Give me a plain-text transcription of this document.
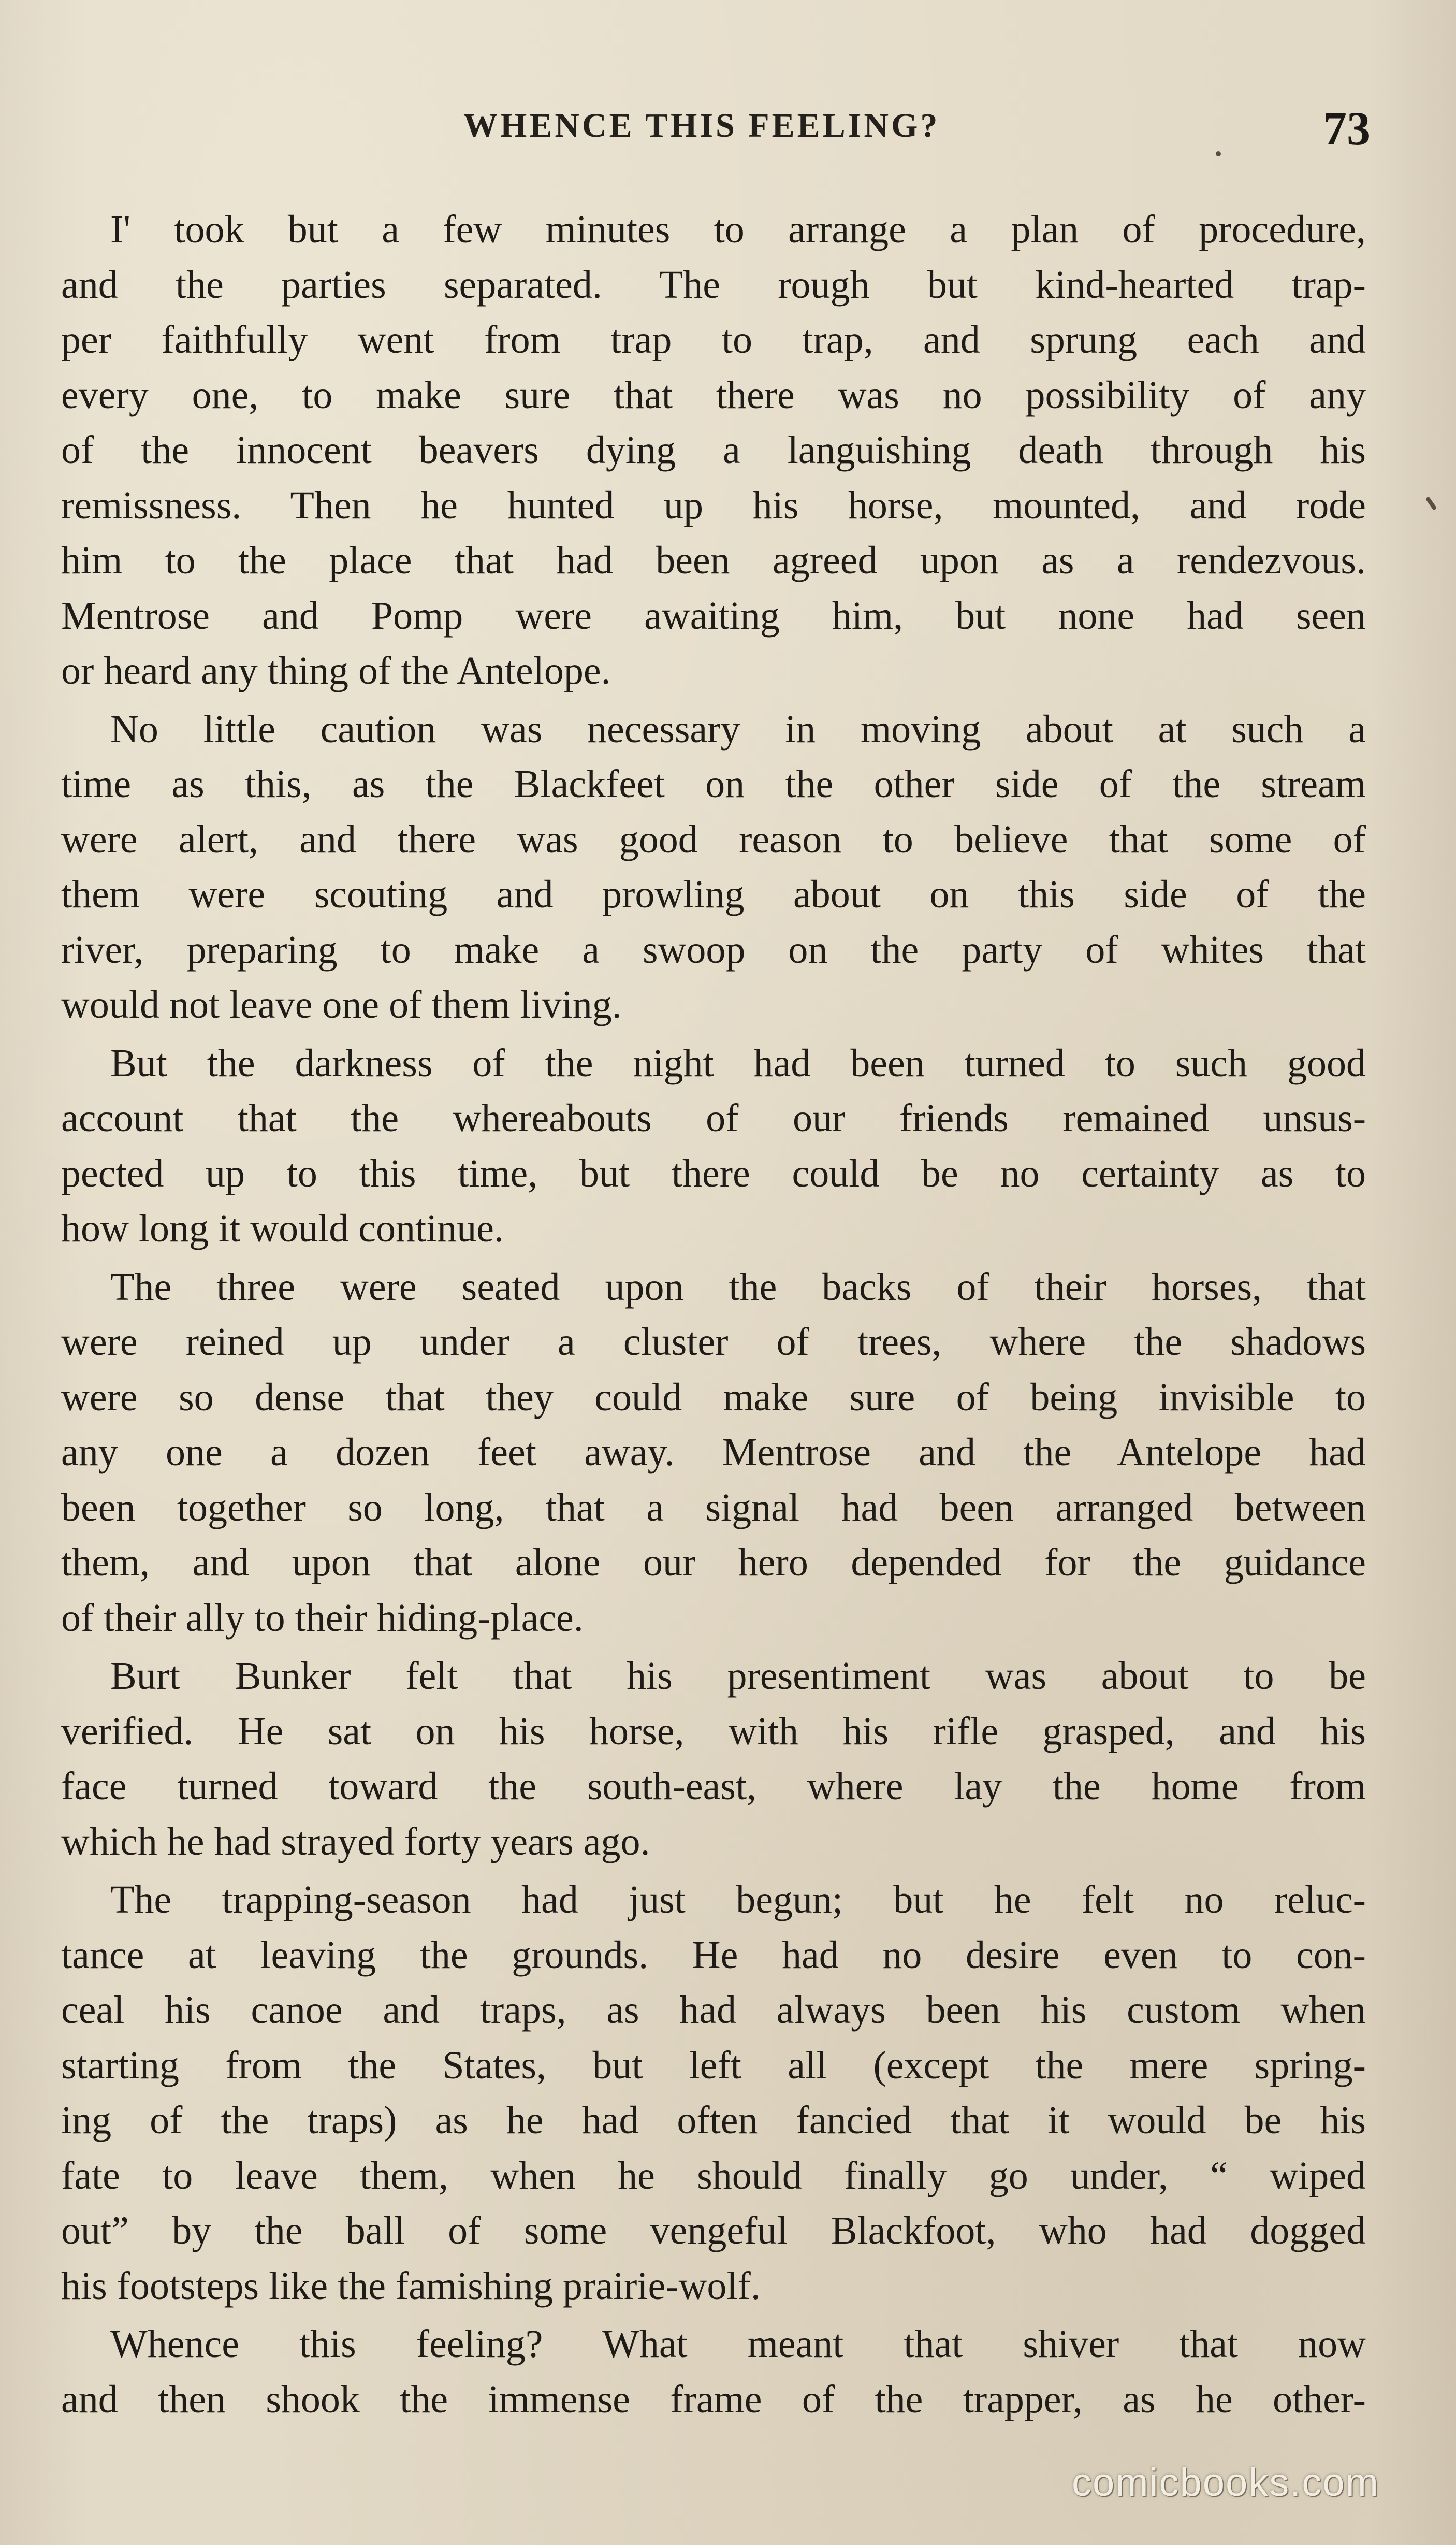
WHENCE THIS FEELING?	73
I' took but a few minutes to arrange a plan of procedure,
and the parties separated. The rough but kind-hearted trap-
per faithfully went from trap to trap, and sprung each and
every one, to make sure that there was no possibility of any
of the innocent beavers dying a languishing death through his
remissness. Then he hunted up his horse, mounted, and rode
him to the place that had been agreed upon as a rendezvous.
Mentrose and Pomp were awaiting him, but none had seen
or heard any thing of the Antelope.
No little caution was necessary in moving about at such a
time as this, as the Blackfeet on the other side of the stream
were alert, and there was good reason to believe that some of
them were scouting and prowling about on this side of the
river, preparing to make a swoop on the party of whites that
would not leave one of them living.
But the darkness of the night had been turned to such good
account that the whereabouts of our friends remained unsus-
pected up to this time, but there could be no certainty as to
how long it would continue.
The three were seated upon the backs of their horses, that
were reined up under a cluster of trees, where the shadows
were so dense that they could make sure of being invisible to
any one a dozen feet away. Mentrose and the Antelope had
been together so long, that a signal had been arranged between
them, and upon that alone our hero depended for the guidance
of their ally to their hiding-place.
Burt Bunker felt that his presentiment was about to be
verified. He sat on his horse, with his rifle grasped, and his
face turned toward the south-east, where lay the home from
which he had strayed forty years ago.
The trapping-season had just begun; but he felt no reluc-
tance at leaving the grounds. He had no desire even to con-
ceal his canoe and traps, as had always been his custom when
starting from the States, but left all (except the mere spring-
ing of the traps) as he had often fancied that it would be his
fate to leave them, when he should finally go under, “ wiped
out” by the ball of some vengeful Blackfoot, who had dogged
his footsteps like the famishing prairie-wolf.
Whence this feeling? What meant that shiver that now
and then shook the immense frame of the trapper, as he other-
comicbooks.com
